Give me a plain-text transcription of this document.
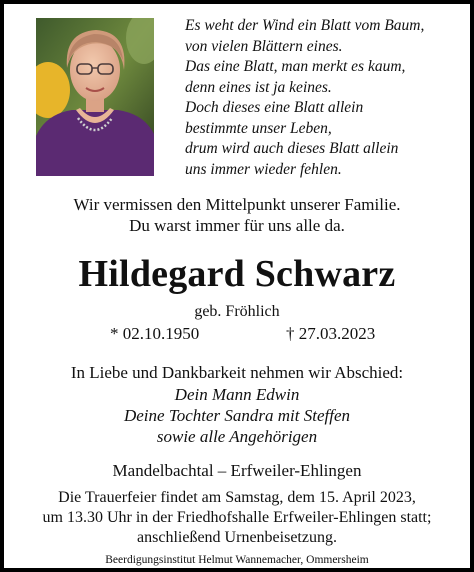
Es weht der Wind ein Blatt vom Baum,
von vielen Blättern eines.
Das eine Blatt, man merkt es kaum,
denn eines ist ja keines.
Doch dieses eine Blatt allein
bestimmte unser Leben,
drum wird auch dieses Blatt allein
uns immer wieder fehlen.
Wir vermissen den Mittelpunkt unserer Familie.
Du warst immer für uns alle da.
Hildegard Schwarz
geb. Fröhlich
* 02.10.1950	† 27.03.2023
In Liebe und Dankbarkeit nehmen wir Abschied:
Dein Mann Edwin
Deine Tochter Sandra mit Steffen
sowie alle Angehörigen
Mandelbachtal – Erfweiler-Ehlingen
Die Trauerfeier findet am Samstag, dem 15. April 2023,
um 13.30 Uhr in der Friedhofshalle Erfweiler-Ehlingen statt;
anschließend Urnenbeisetzung.
Beerdigungsinstitut Helmut Wannemacher, Ommersheim
